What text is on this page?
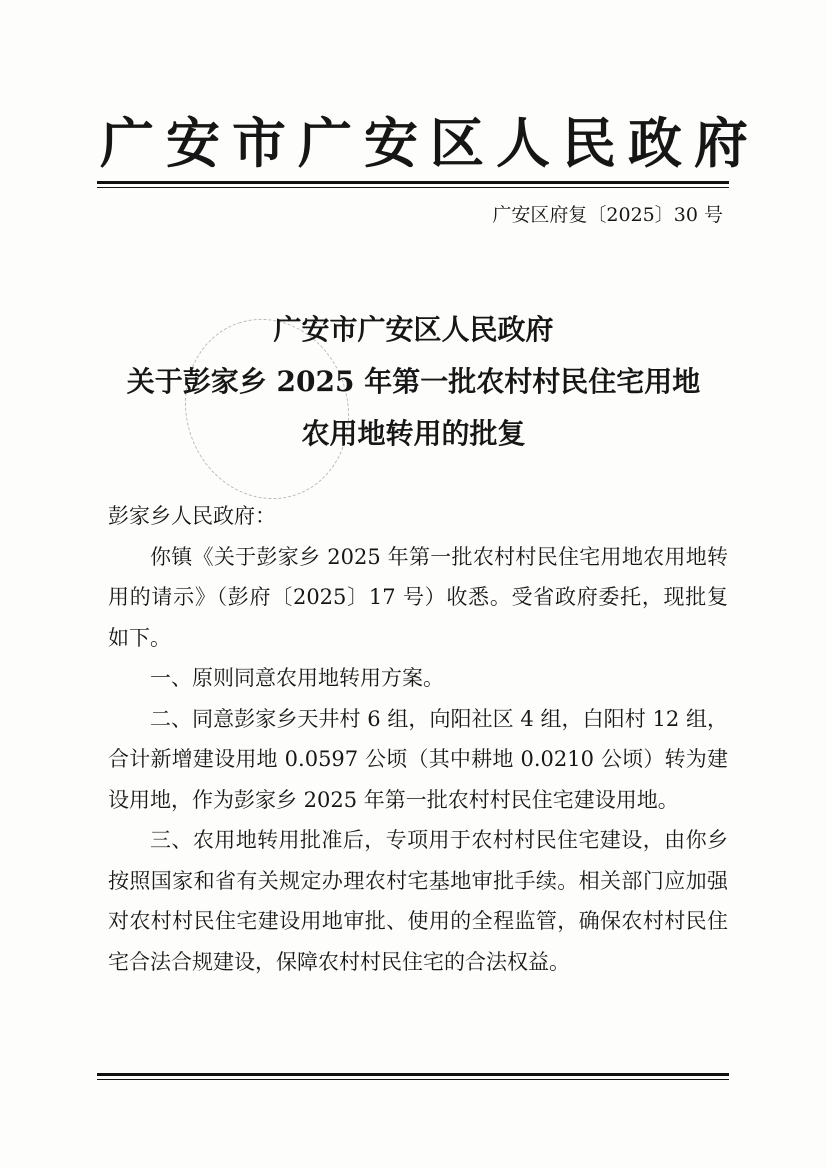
广安市广安区人民政府
广安区府复〔2025〕30 号
广安市广安区人民政府
关于彭家乡 2025 年第一批农村村民住宅用地
农用地转用的批复

彭家乡人民政府：

你镇《关于彭家乡 2025 年第一批农村村民住宅用地农用地转用的请示》（彭府〔2025〕17 号）收悉。受省政府委托，现批复如下。

一、原则同意农用地转用方案。

二、同意彭家乡天井村 6 组，向阳社区 4 组，白阳村 12 组，合计新增建设用地 0.0597 公顷（其中耕地 0.0210 公顷）转为建设用地，作为彭家乡 2025 年第一批农村村民住宅建设用地。

三、农用地转用批准后，专项用于农村村民住宅建设，由你乡按照国家和省有关规定办理农村宅基地审批手续。相关部门应加强对农村村民住宅建设用地审批、使用的全程监管，确保农村村民住宅合法合规建设，保障农村村民住宅的合法权益。
